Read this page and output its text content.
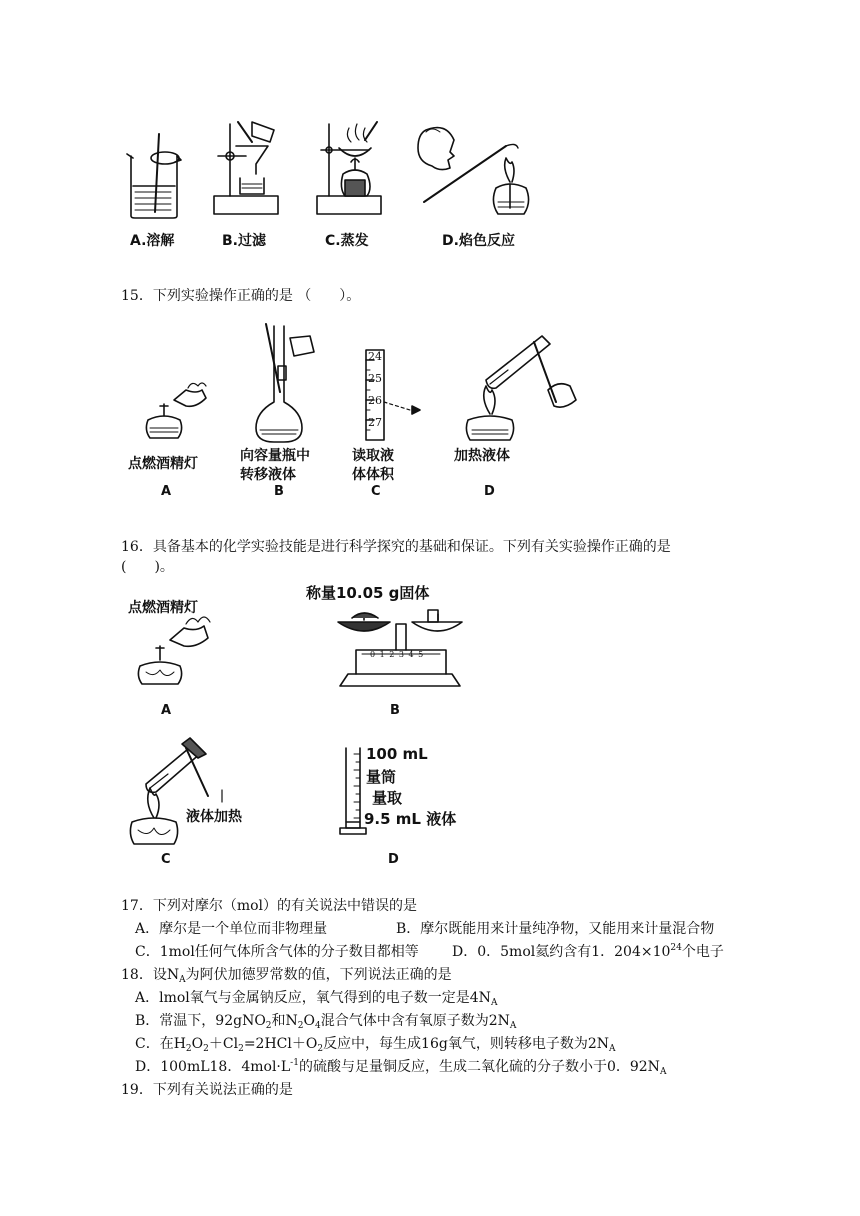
A.溶解	B.过滤	C.蒸发	D.焰色反应
15．下列实验操作正确的是 （　　）。
点燃酒精灯	向容量瓶中
转移液体
24
25
26
27
读取液
体体积
加热液体
A	B	C	D
16．具备基本的化学实验技能是进行科学探究的基础和保证。下列有关实验操作正确的是
(　　)。
点燃酒精灯
A
称量10.05 g固体
0 1 2 3 4 5
B
液体加热
C
100 mL
量筒
量取
9.5 mL 液体
D
17．下列对摩尔（mol）的有关说法中错误的是
A．摩尔是一个单位而非物理量	B．摩尔既能用来计量纯净物，又能用来计量混合物
C．1mol任何气体所含气体的分子数目都相等 D．0．5mol氦约含有1．$204\times 10^{24}$个电子
18．设$N_A$为阿伏加德罗常数的值，下列说法正确的是
A．lmol氧气与金属钠反应，氧气得到的电子数一定是$4N_A$
B．常温下，92gNO$_2$和$N_2O_4$混合气体中含有氧原子数为$2N_A$
C．在$H_2O_2+Cl_2=2HCl+O_2$反应中，每生成16g氧气，则转移电子数为$2N_A$
D．100mL18．$4mol\cdot L^{-1}$的硫酸与足量铜反应，生成二氧化硫的分子数小于0．$92N_A$
19．下列有关说法正确的是
